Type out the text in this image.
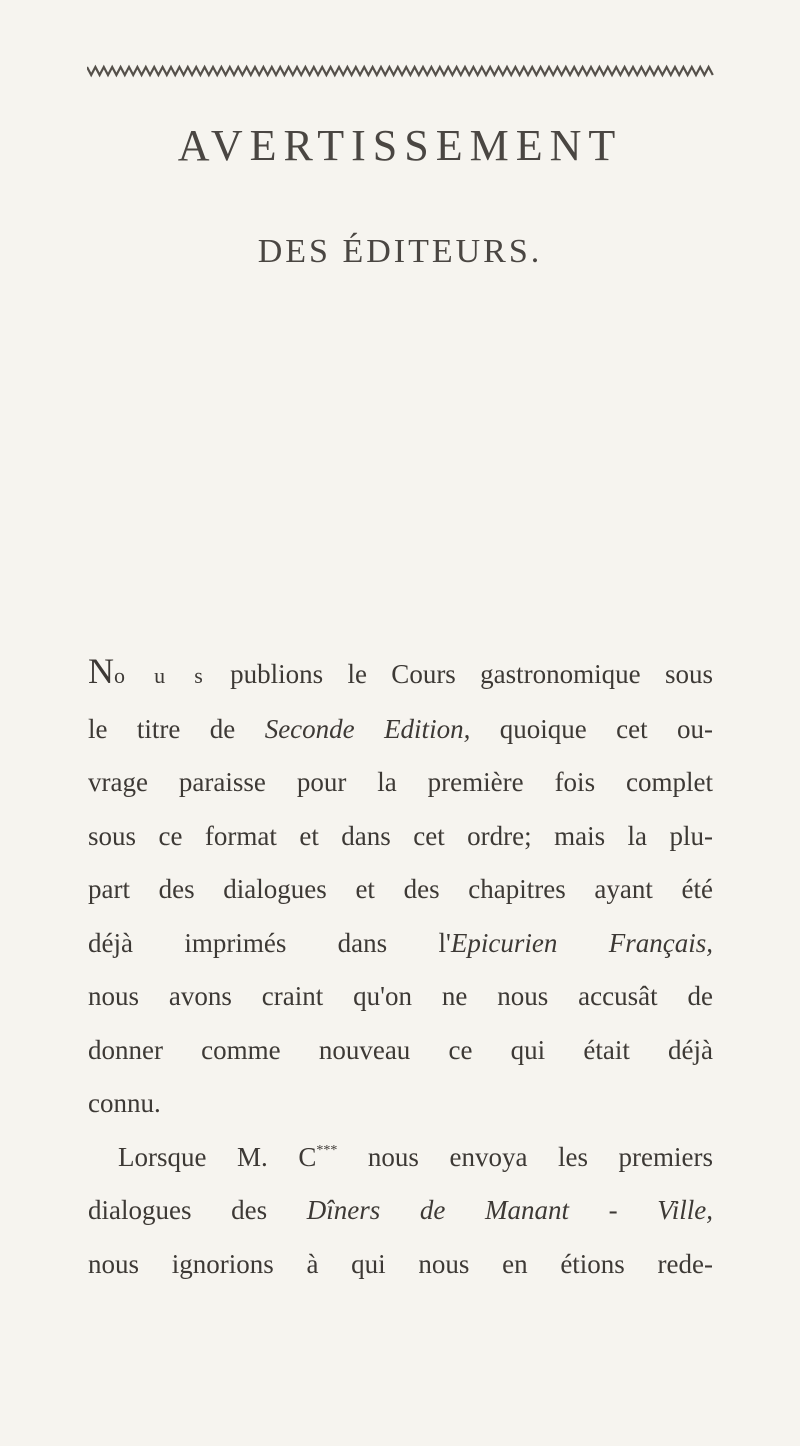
AVERTISSEMENT
DES ÉDITEURS.

No u s publions le Cours gastronomique sous
le titre de Seconde Edition, quoique cet ou-
vrage paraisse pour la première fois complet
sous ce format et dans cet ordre; mais la plu-
part des dialogues et des chapitres ayant été
déjà imprimés dans l'Epicurien Français,
nous avons craint qu'on ne nous accusât de
donner comme nouveau ce qui était déjà
connu.

Lorsque M. C*** nous envoya les premiers
dialogues des Dîners de Manant - Ville,
nous ignorions à qui nous en étions rede-
